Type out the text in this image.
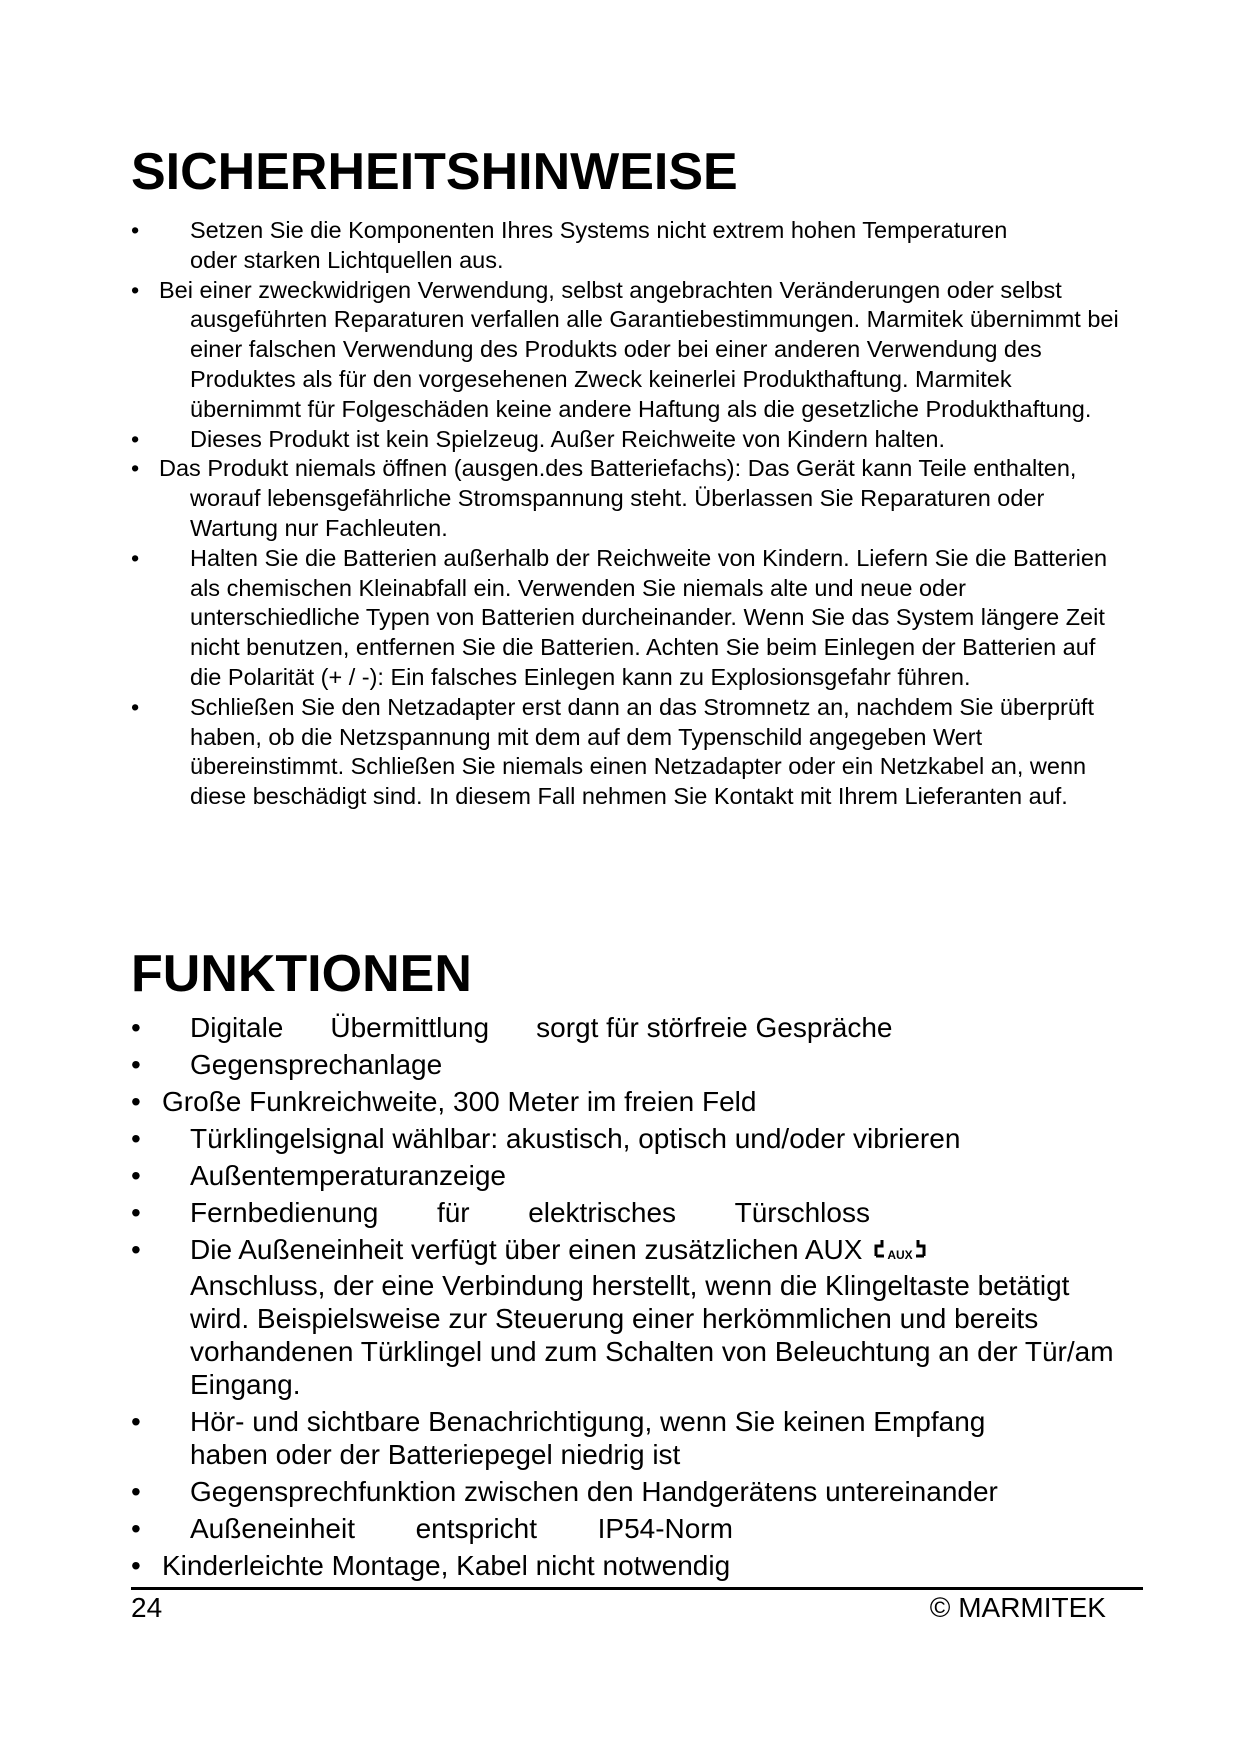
SICHERHEITSHINWEISE
• Setzen Sie die Komponenten Ihres Systems nicht extrem hohen Temperaturen oder starken Lichtquellen aus.
• Bei einer zweckwidrigen Verwendung, selbst angebrachten Veränderungen oder selbst ausgeführten Reparaturen verfallen alle Garantiebestimmungen. Marmitek übernimmt bei einer falschen Verwendung des Produkts oder bei einer anderen Verwendung des Produktes als für den vorgesehenen Zweck keinerlei Produkthaftung. Marmitek übernimmt für Folgeschäden keine andere Haftung als die gesetzliche Produkthaftung.
• Dieses Produkt ist kein Spielzeug. Außer Reichweite von Kindern halten.
• Das Produkt niemals öffnen (ausgen.des Batteriefachs): Das Gerät kann Teile enthalten, worauf lebensgefährliche Stromspannung steht. Überlassen Sie Reparaturen oder Wartung nur Fachleuten.
• Halten Sie die Batterien außerhalb der Reichweite von Kindern. Liefern Sie die Batterien als chemischen Kleinabfall ein. Verwenden Sie niemals alte und neue oder unterschiedliche Typen von Batterien durcheinander. Wenn Sie das System längere Zeit nicht benutzen, entfernen Sie die Batterien. Achten Sie beim Einlegen der Batterien auf die Polarität (+ / -): Ein falsches Einlegen kann zu Explosionsgefahr führen.
• Schließen Sie den Netzadapter erst dann an das Stromnetz an, nachdem Sie überprüft haben, ob die Netzspannung mit dem auf dem Typenschild angegeben Wert übereinstimmt. Schließen Sie niemals einen Netzadapter oder ein Netzkabel an, wenn diese beschädigt sind. In diesem Fall nehmen Sie Kontakt mit Ihrem Lieferanten auf.
FUNKTIONEN
• Digitale Übermittlung sorgt für störfreie Gespräche
• Gegensprechanlage
• Große Funkreichweite, 300 Meter im freien Feld
• Türklingelsignal wählbar: akustisch, optisch und/oder vibrieren
• Außentemperaturanzeige
• Fernbedienung für elektrisches Türschloss
• Die Außeneinheit verfügt über einen zusätzlichen AUX AUX
Anschluss, der eine Verbindung herstellt, wenn die Klingeltaste betätigt wird. Beispielsweise zur Steuerung einer herkömmlichen und bereits vorhandenen Türklingel und zum Schalten von Beleuchtung an der Tür/am Eingang.
• Hör- und sichtbare Benachrichtigung, wenn Sie keinen Empfang haben oder der Batteriepegel niedrig ist
• Gegensprechfunktion zwischen den Handgerätens untereinander
• Außeneinheit entspricht IP54-Norm
• Kinderleichte Montage, Kabel nicht notwendig
24	© MARMITEK
